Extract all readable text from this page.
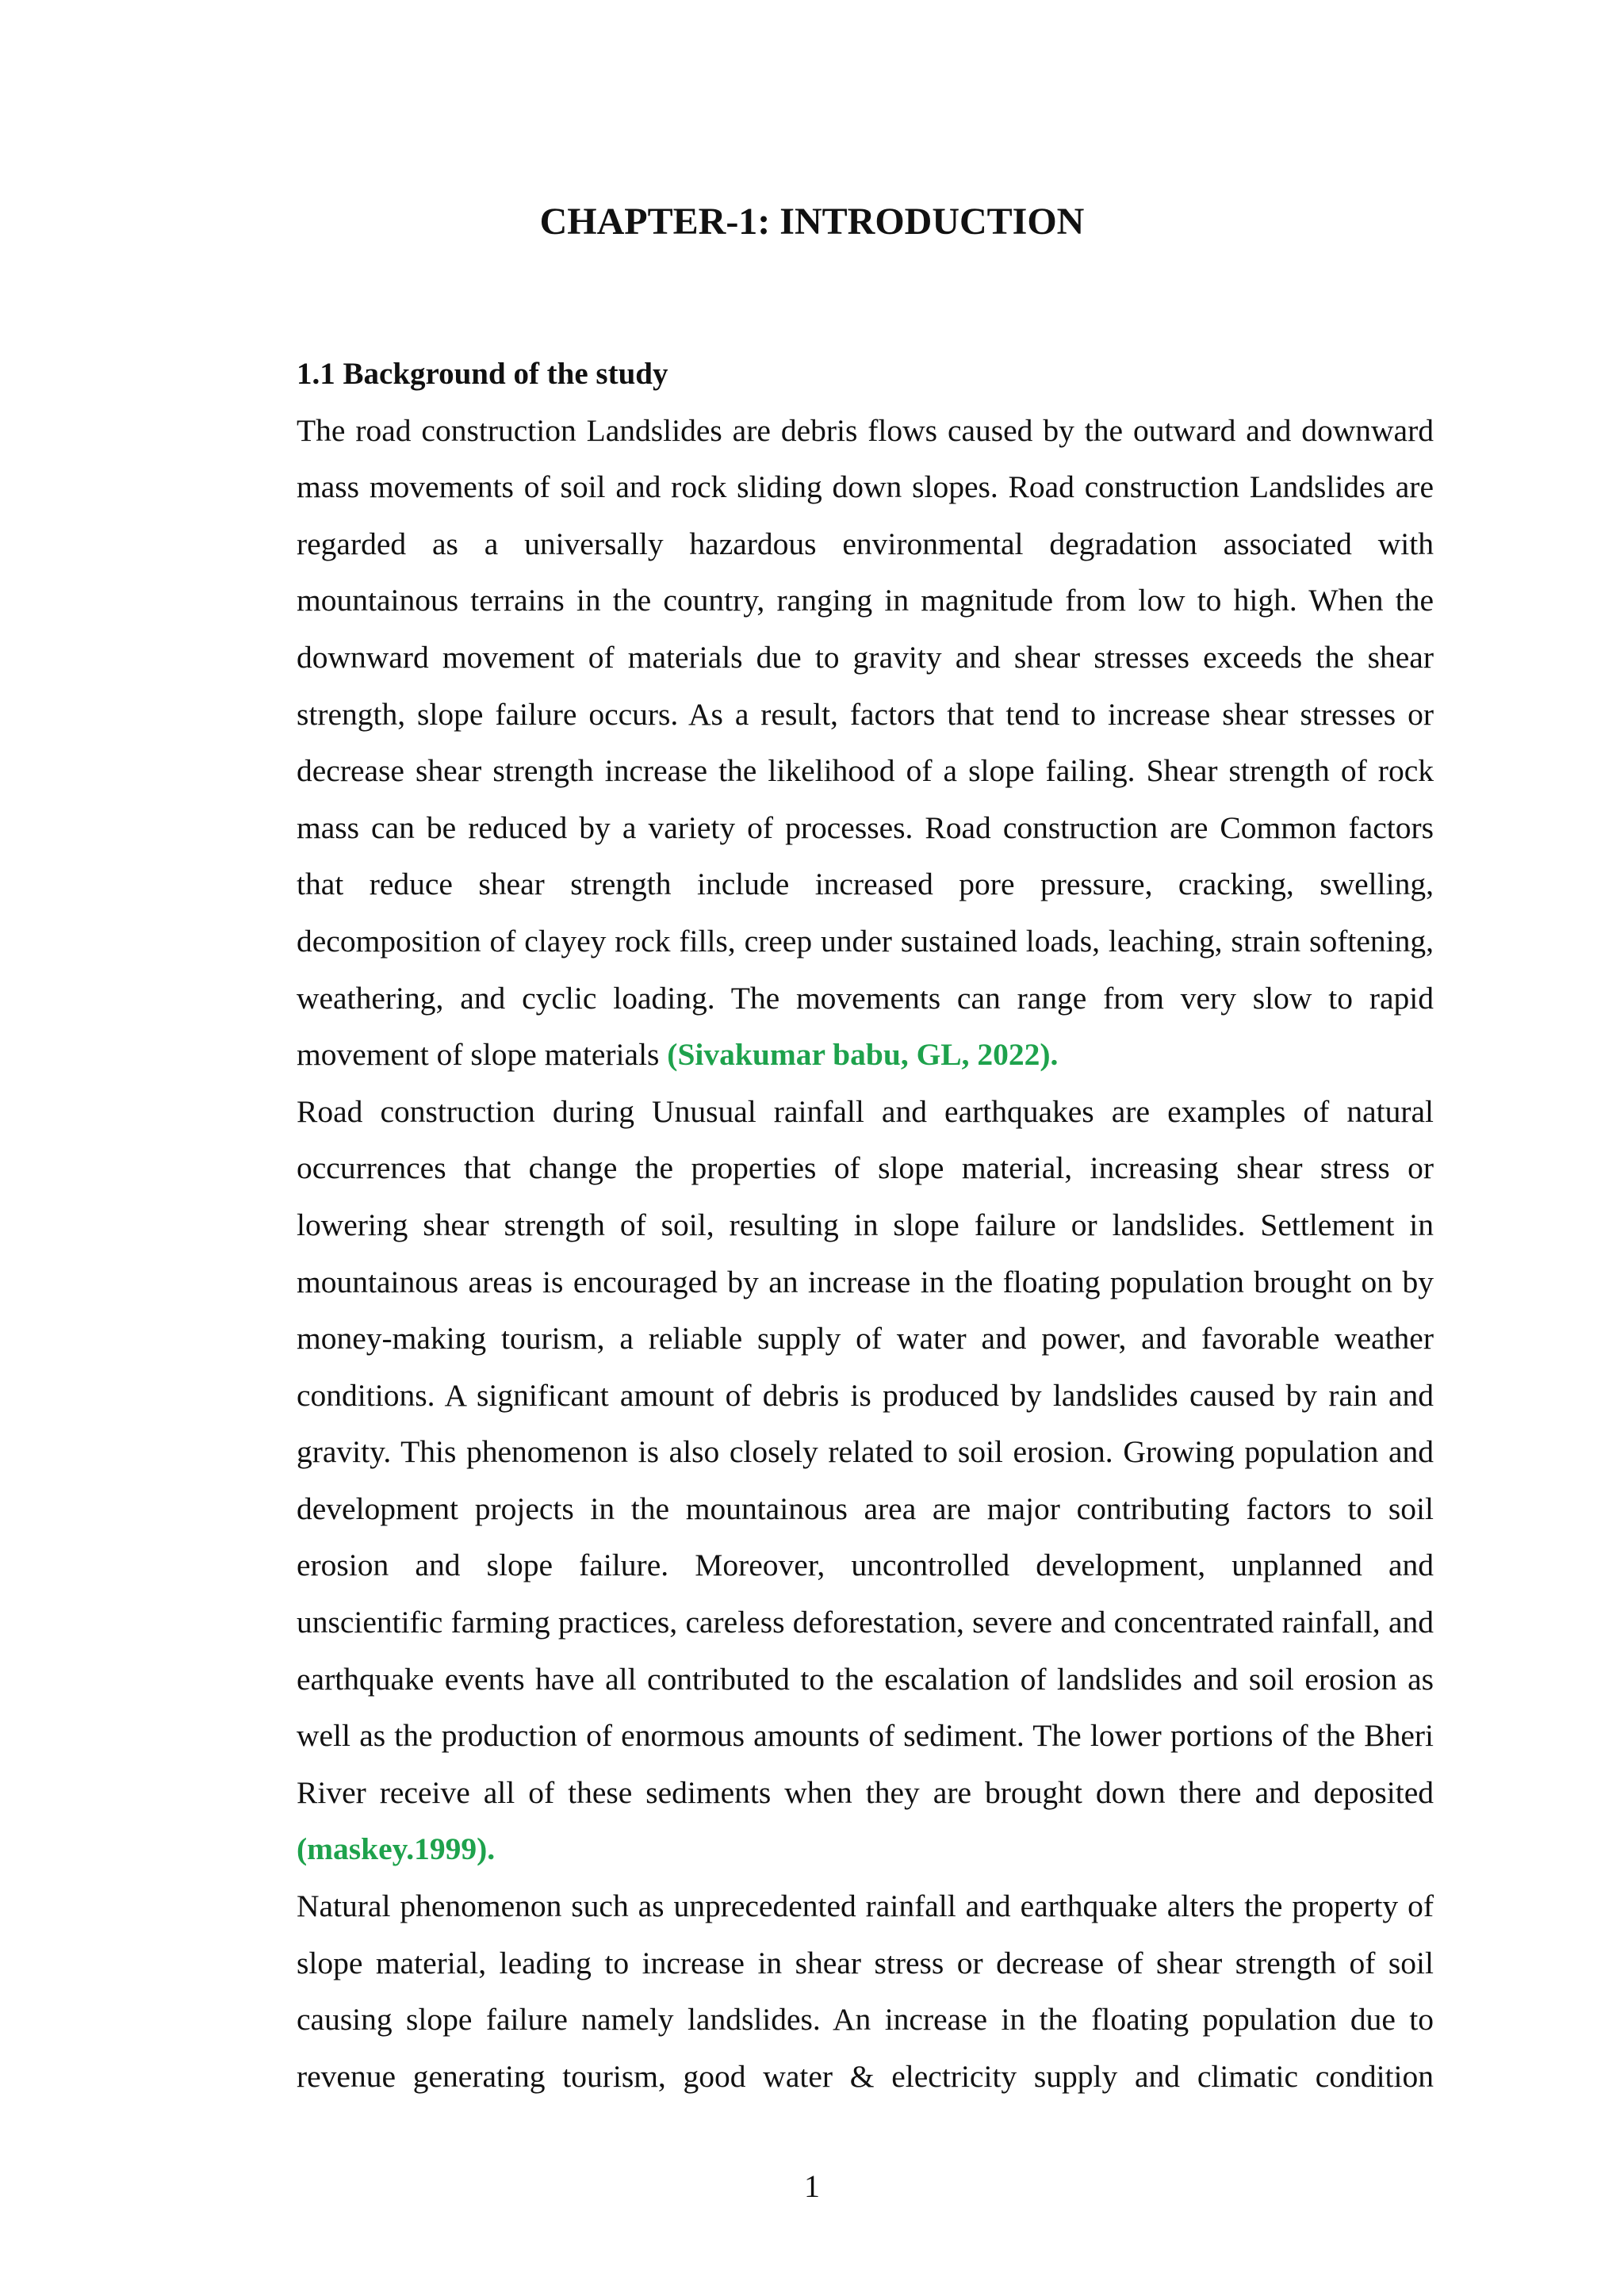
CHAPTER-1: INTRODUCTION
1.1 Background of the study

The road construction Landslides are debris flows caused by the outward and downward mass movements of soil and rock sliding down slopes. Road construction Landslides are regarded as a universally hazardous environmental degradation associated with mountainous terrains in the country, ranging in magnitude from low to high. When the downward movement of materials due to gravity and shear stresses exceeds the shear strength, slope failure occurs. As a result, factors that tend to increase shear stresses or decrease shear strength increase the likelihood of a slope failing. Shear strength of rock mass can be reduced by a variety of processes. Road construction are Common factors that reduce shear strength include increased pore pressure, cracking, swelling, decomposition of clayey rock fills, creep under sustained loads, leaching, strain softening, weathering, and cyclic loading. The movements can range from very slow to rapid movement of slope materials (Sivakumar babu, GL, 2022).

Road construction during Unusual rainfall and earthquakes are examples of natural occurrences that change the properties of slope material, increasing shear stress or lowering shear strength of soil, resulting in slope failure or landslides. Settlement in mountainous areas is encouraged by an increase in the floating population brought on by money-making tourism, a reliable supply of water and power, and favorable weather conditions. A significant amount of debris is produced by landslides caused by rain and gravity. This phenomenon is also closely related to soil erosion. Growing population and development projects in the mountainous area are major contributing factors to soil erosion and slope failure. Moreover, uncontrolled development, unplanned and unscientific farming practices, careless deforestation, severe and concentrated rainfall, and earthquake events have all contributed to the escalation of landslides and soil erosion as well as the production of enormous amounts of sediment. The lower portions of the Bheri River receive all of these sediments when they are brought down there and deposited (maskey.1999).

Natural phenomenon such as unprecedented rainfall and earthquake alters the property of slope material, leading to increase in shear stress or decrease of shear strength of soil causing slope failure namely landslides. An increase in the floating population due to revenue generating tourism, good water & electricity supply and climatic condition

1
